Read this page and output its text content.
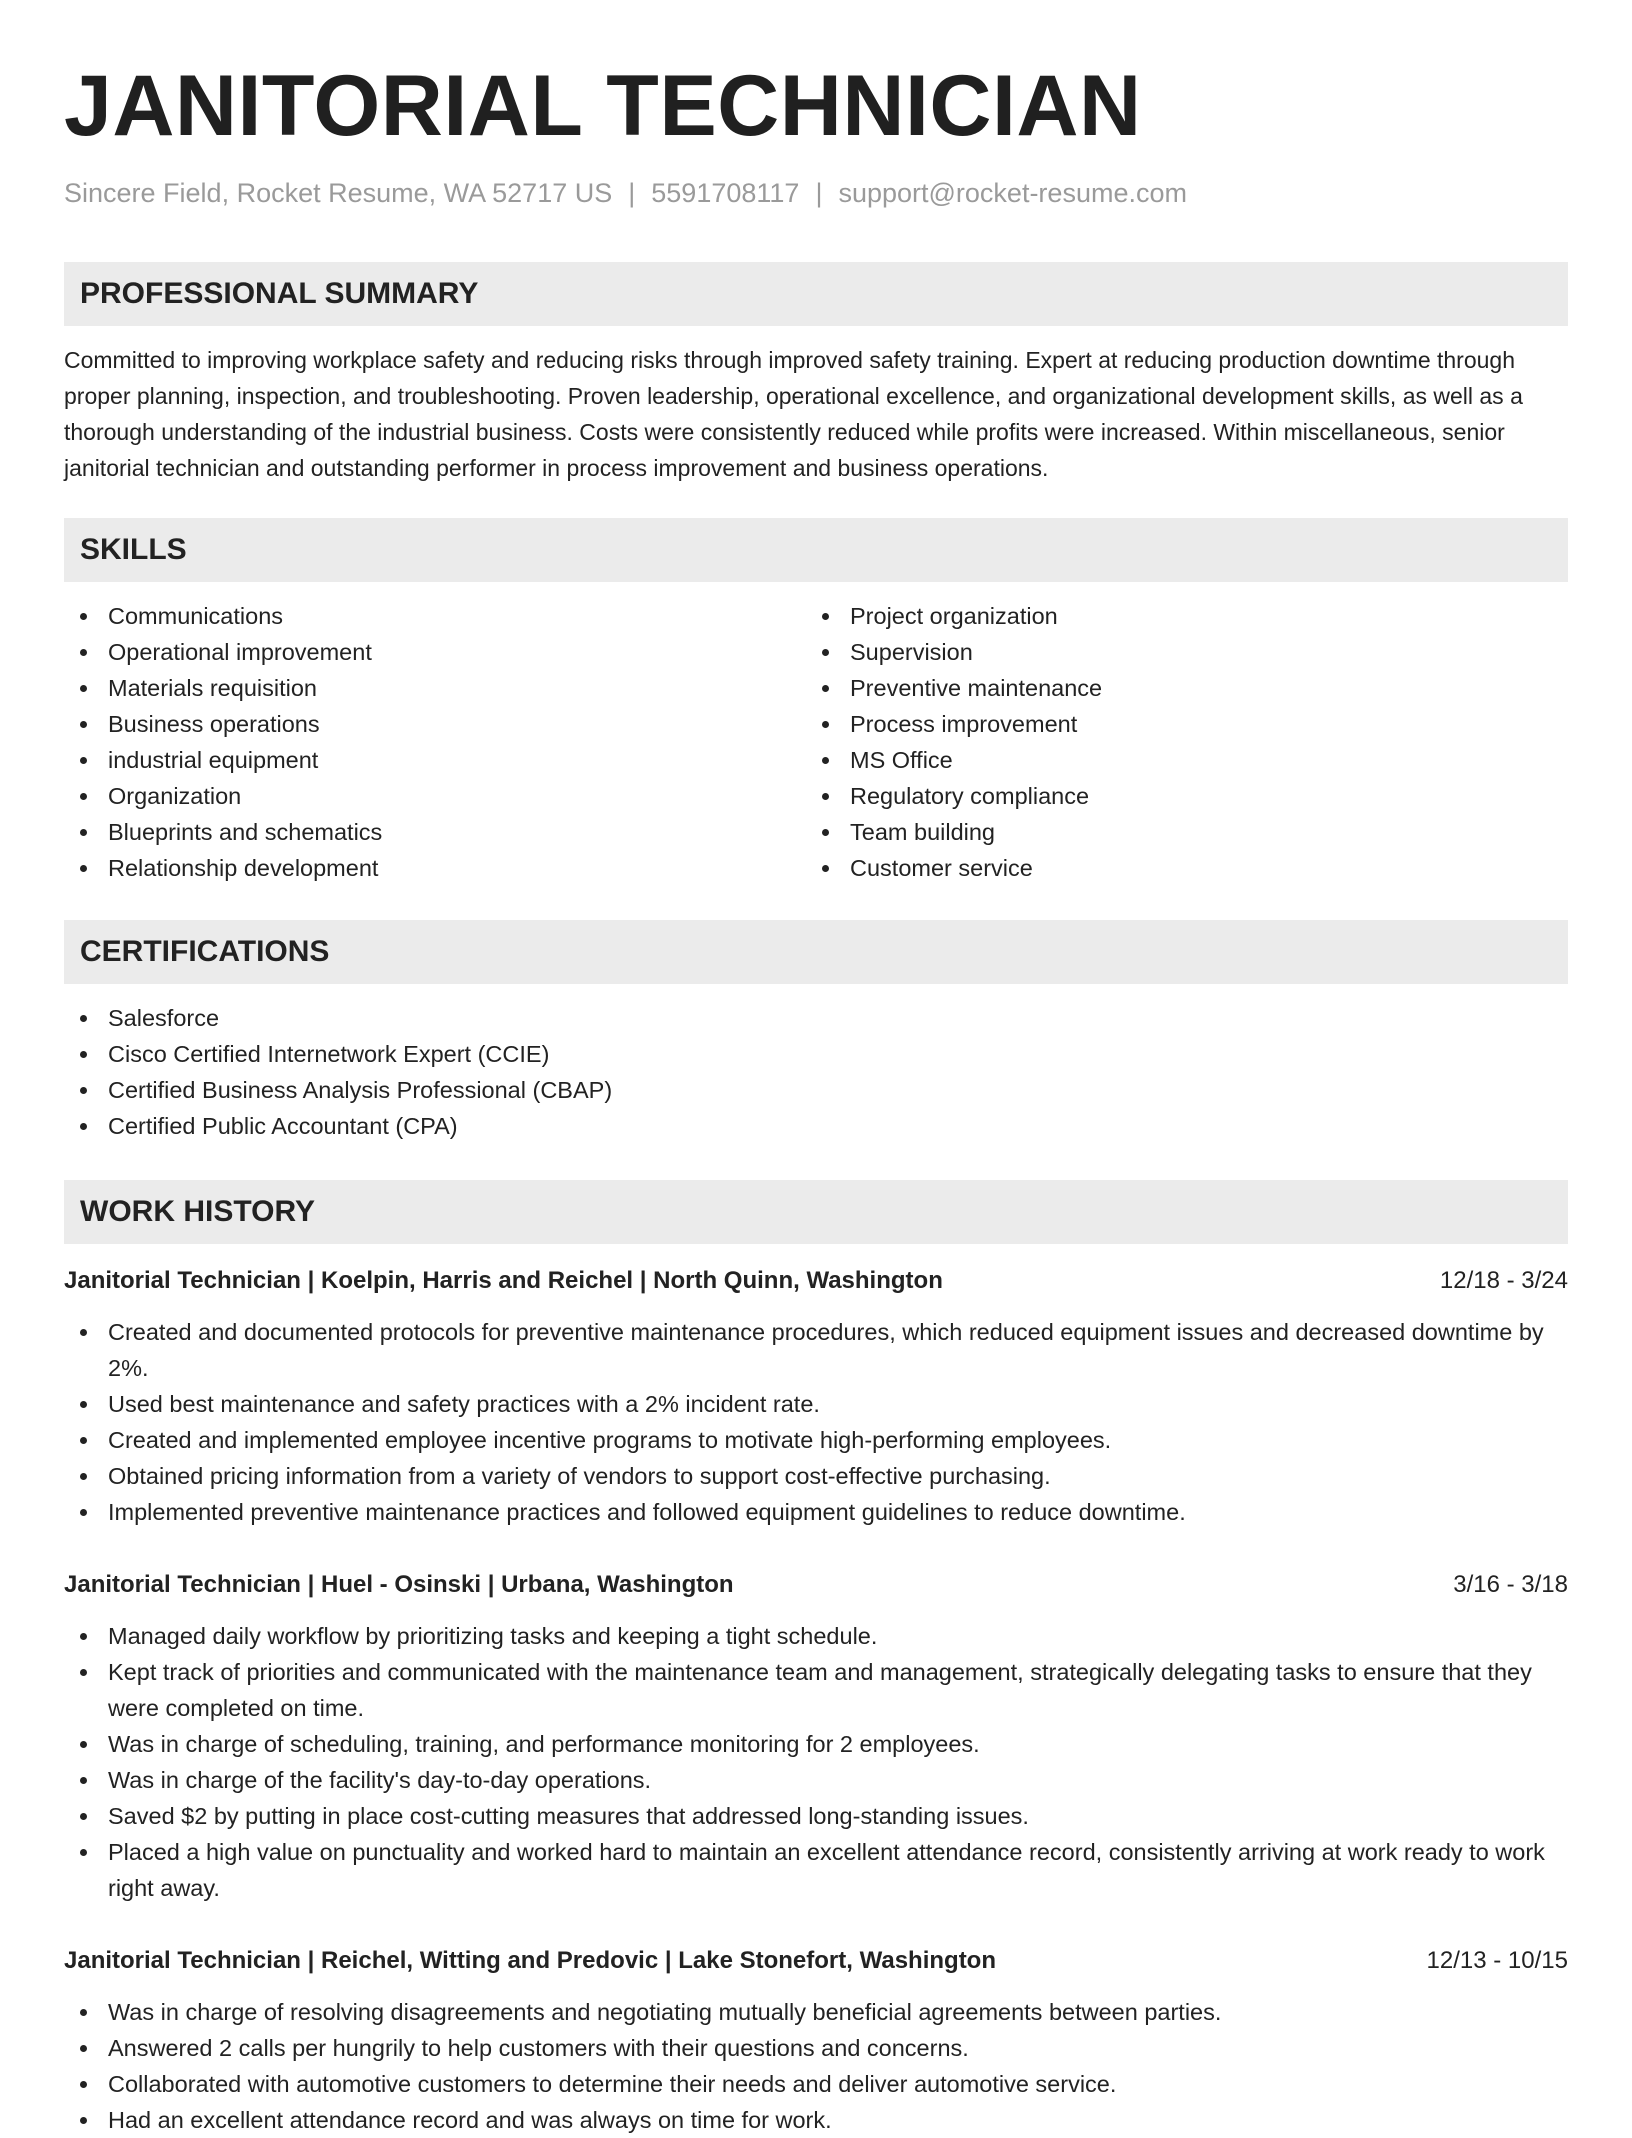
JANITORIAL TECHNICIAN
Sincere Field, Rocket Resume, WA 52717 US | 5591708117 | support@rocket-resume.com
PROFESSIONAL SUMMARY
Committed to improving workplace safety and reducing risks through improved safety training. Expert at reducing production downtime through proper planning, inspection, and troubleshooting. Proven leadership, operational excellence, and organizational development skills, as well as a thorough understanding of the industrial business. Costs were consistently reduced while profits were increased. Within miscellaneous, senior janitorial technician and outstanding performer in process improvement and business operations.
SKILLS
Communications
Operational improvement
Materials requisition
Business operations
industrial equipment
Organization
Blueprints and schematics
Relationship development
Project organization
Supervision
Preventive maintenance
Process improvement
MS Office
Regulatory compliance
Team building
Customer service
CERTIFICATIONS
Salesforce
Cisco Certified Internetwork Expert (CCIE)
Certified Business Analysis Professional (CBAP)
Certified Public Accountant (CPA)
WORK HISTORY
Janitorial Technician | Koelpin, Harris and Reichel | North Quinn, Washington	12/18 - 3/24
Created and documented protocols for preventive maintenance procedures, which reduced equipment issues and decreased downtime by 2%.
Used best maintenance and safety practices with a 2% incident rate.
Created and implemented employee incentive programs to motivate high-performing employees.
Obtained pricing information from a variety of vendors to support cost-effective purchasing.
Implemented preventive maintenance practices and followed equipment guidelines to reduce downtime.
Janitorial Technician | Huel - Osinski | Urbana, Washington	3/16 - 3/18
Managed daily workflow by prioritizing tasks and keeping a tight schedule.
Kept track of priorities and communicated with the maintenance team and management, strategically delegating tasks to ensure that they were completed on time.
Was in charge of scheduling, training, and performance monitoring for 2 employees.
Was in charge of the facility's day-to-day operations.
Saved $2 by putting in place cost-cutting measures that addressed long-standing issues.
Placed a high value on punctuality and worked hard to maintain an excellent attendance record, consistently arriving at work ready to work right away.
Janitorial Technician | Reichel, Witting and Predovic | Lake Stonefort, Washington	12/13 - 10/15
Was in charge of resolving disagreements and negotiating mutually beneficial agreements between parties.
Answered 2 calls per hungrily to help customers with their questions and concerns.
Collaborated with automotive customers to determine their needs and deliver automotive service.
Had an excellent attendance record and was always on time for work.
